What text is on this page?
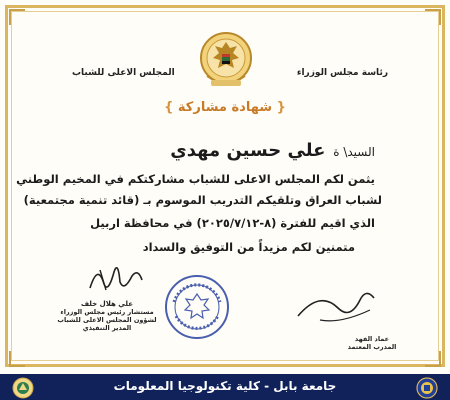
رئاسة مجلس الوزراء
المجلس الاعلى للشباب
{ شهادة مشاركة }
السيد\ ة علي حسين مهدي
يثمن لكم المجلس الاعلى للشباب مشاركتكم في المخيم الوطني
لشباب العراق وتلقيكم التدريب الموسوم بـ (قائد تنمية مجتمعية)
الذي اقيم للفترة (٨-٢٠٢٥/٧/١٢) في محافظة اربيل
متمنين لكم مزيداً من التوفيق والسداد
علي هلال خلف
مستشار رئيس مجلس الوزراء
لشؤون المجلس الاعلى للشباب
المدير التنفيذي
عماد الفهد
المدرب المعتمد
جامعة بابل - كلية تكنولوجيا المعلومات
